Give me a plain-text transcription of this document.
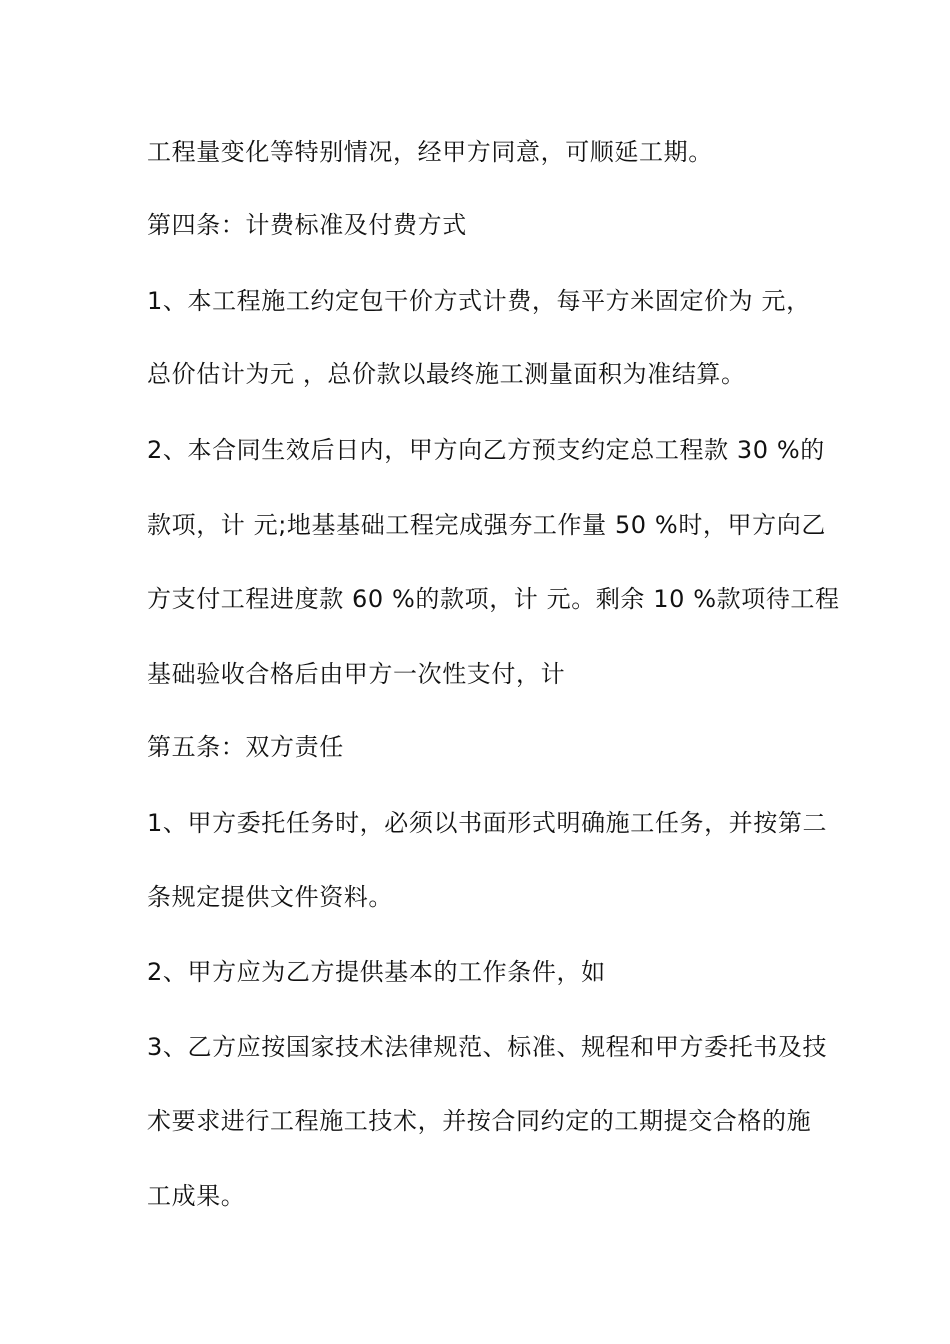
工程量变化等特别情况，经甲方同意，可顺延工期。
第四条：计费标准及付费方式
1、本工程施工约定包干价方式计费，每平方米固定价为 元，
总价估计为元 ，总价款以最终施工测量面积为准结算。
2、本合同生效后日内，甲方向乙方预支约定总工程款 30 %的
款项，计 元;地基基础工程完成强夯工作量 50 %时，甲方向乙
方支付工程进度款 60 %的款项，计 元。剩余 10 %款项待工程
基础验收合格后由甲方一次性支付，计
第五条：双方责任
1、甲方委托任务时，必须以书面形式明确施工任务，并按第二
条规定提供文件资料。
2、甲方应为乙方提供基本的工作条件，如
3、乙方应按国家技术法律规范、标准、规程和甲方委托书及技
术要求进行工程施工技术，并按合同约定的工期提交合格的施
工成果。
